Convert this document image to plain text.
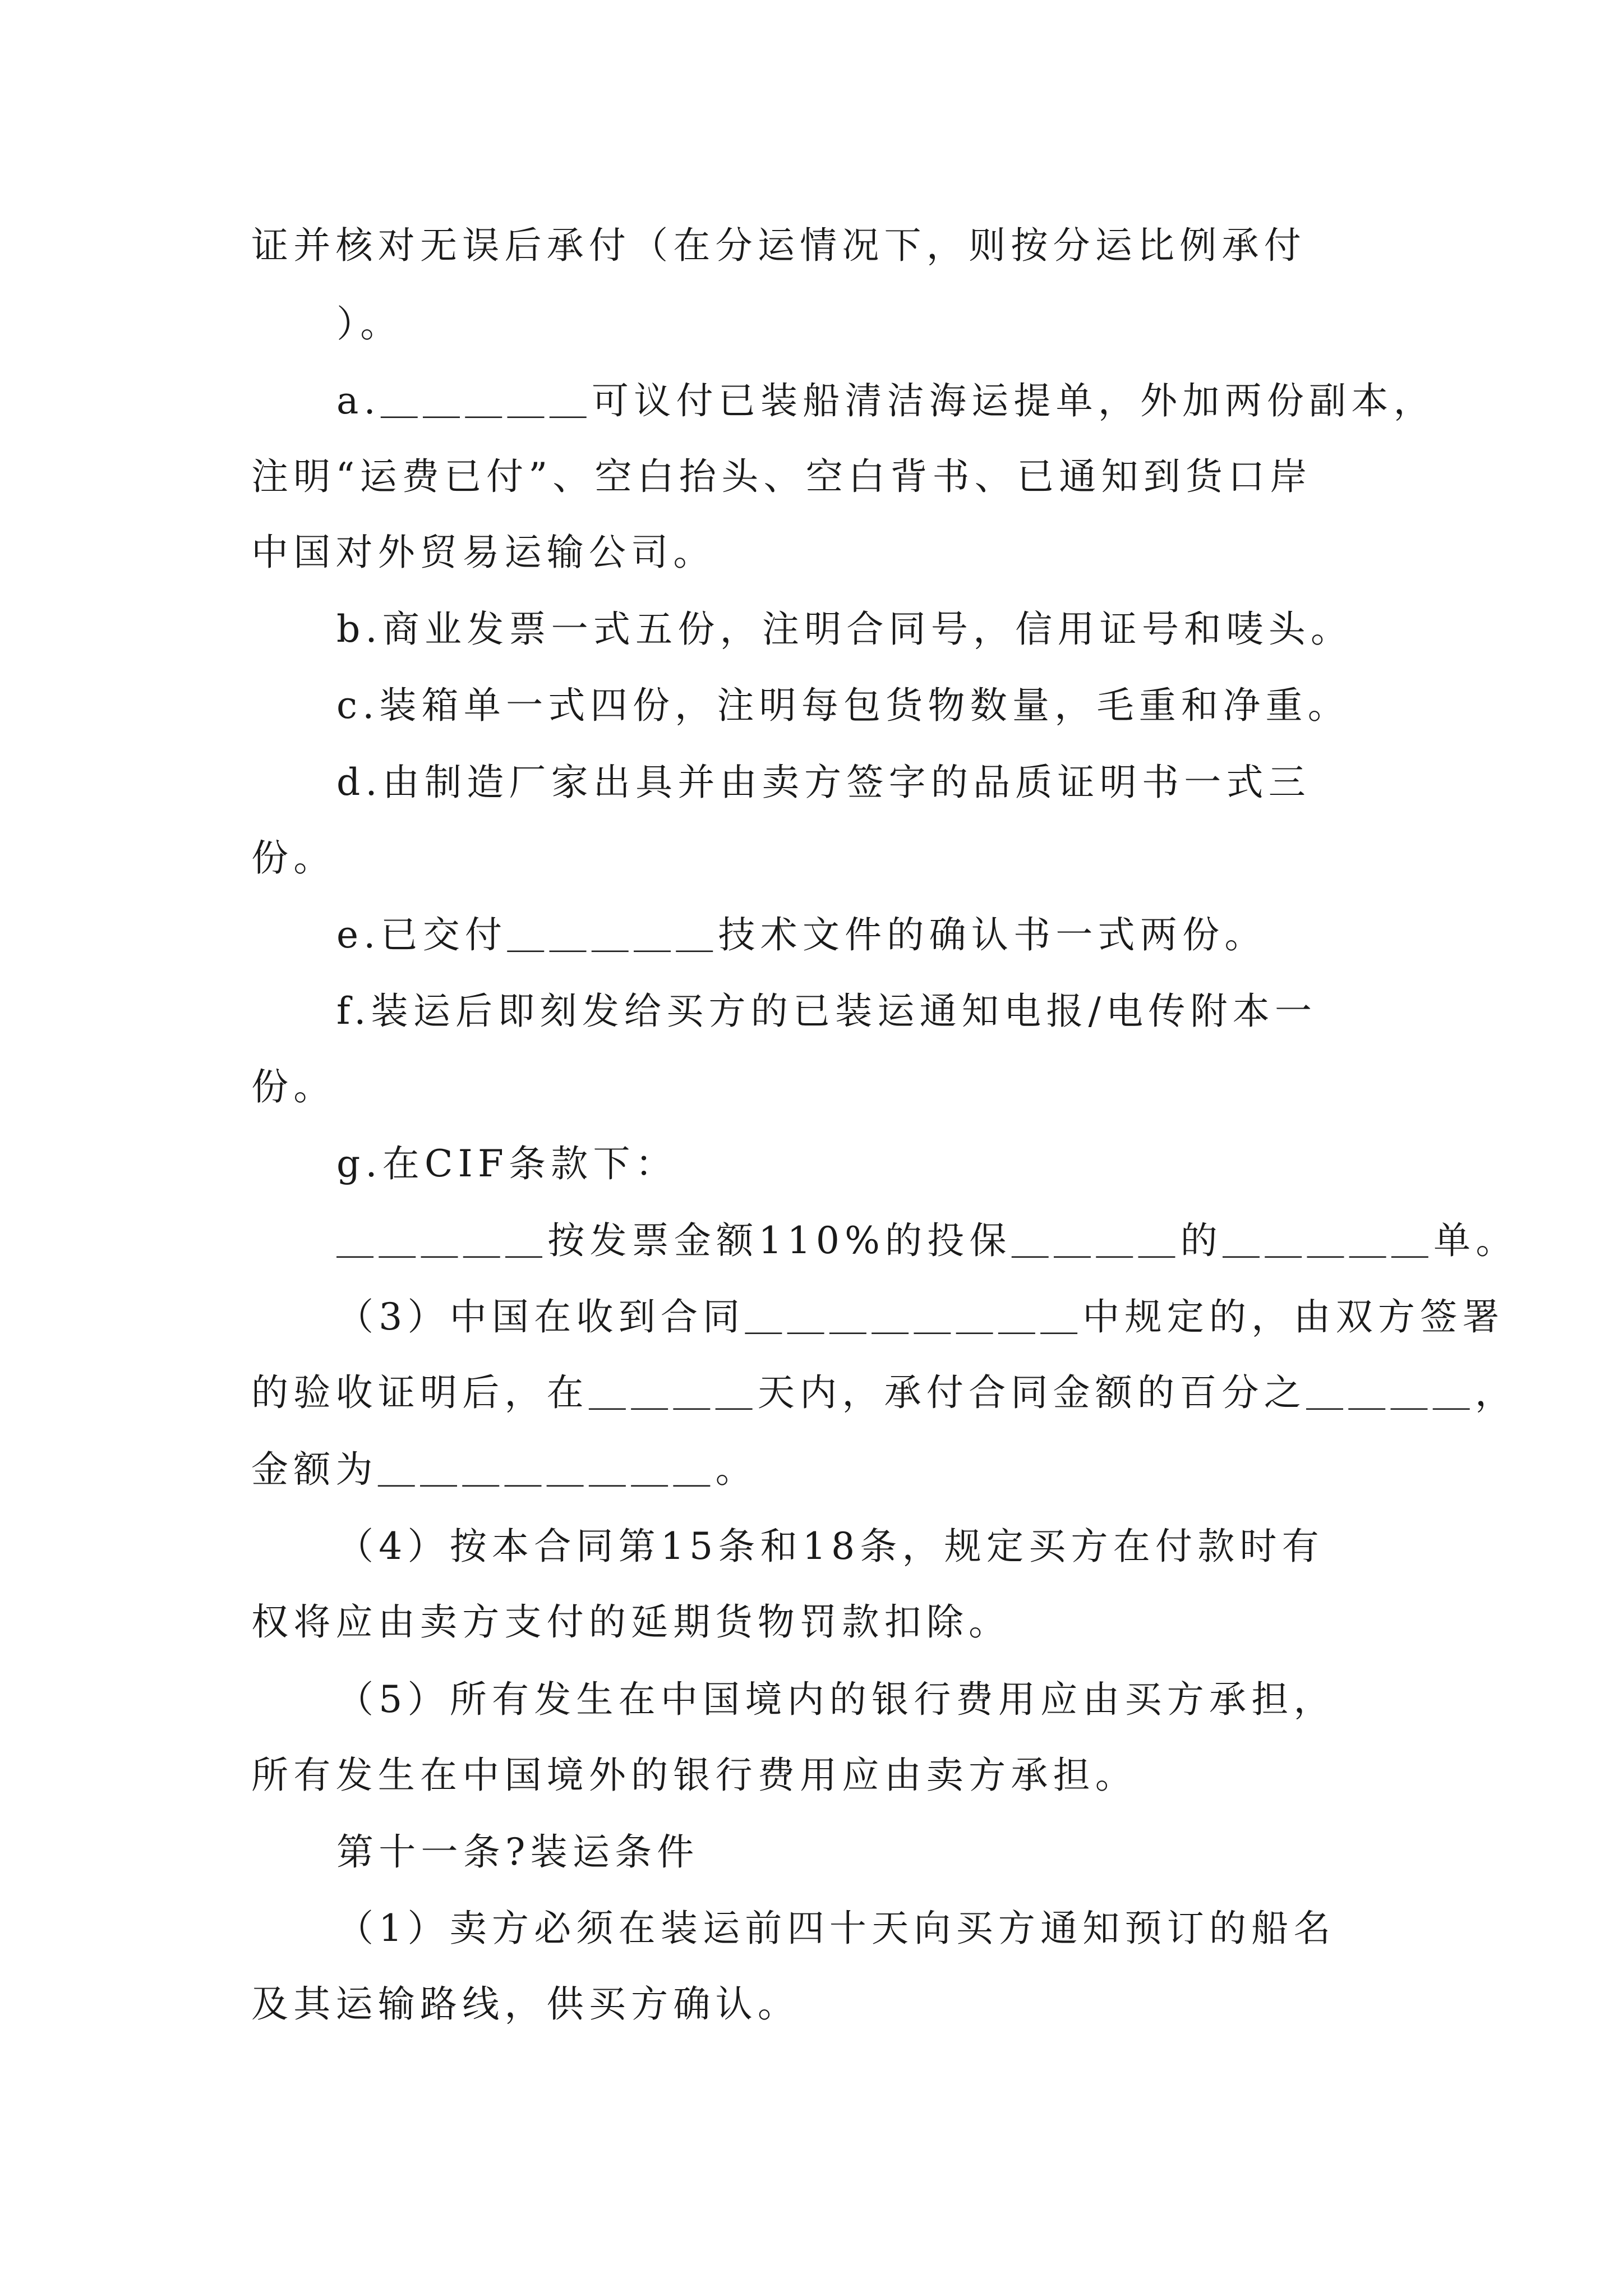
证并核对无误后承付（在分运情况下，则按分运比例承付
）。
a.＿＿＿＿＿可议付已装船清洁海运提单，外加两份副本，
注明“运费已付”、空白抬头、空白背书、已通知到货口岸
中国对外贸易运输公司。
b.商业发票一式五份，注明合同号，信用证号和唛头。
c.装箱单一式四份，注明每包货物数量，毛重和净重。
d.由制造厂家出具并由卖方签字的品质证明书一式三
份。
e.已交付＿＿＿＿＿技术文件的确认书一式两份。
f.装运后即刻发给买方的已装运通知电报/电传附本一
份。
g.在CIF条款下：
＿＿＿＿＿按发票金额110%的投保＿＿＿＿的＿＿＿＿＿单。
（3）中国在收到合同＿＿＿＿＿＿＿＿中规定的，由双方签署
的验收证明后，在＿＿＿＿天内，承付合同金额的百分之＿＿＿＿，
金额为＿＿＿＿＿＿＿＿。
（4）按本合同第15条和18条，规定买方在付款时有
权将应由卖方支付的延期货物罚款扣除。
（5）所有发生在中国境内的银行费用应由买方承担，
所有发生在中国境外的银行费用应由卖方承担。
第十一条?装运条件
（1）卖方必须在装运前四十天向买方通知预订的船名
及其运输路线，供买方确认。
